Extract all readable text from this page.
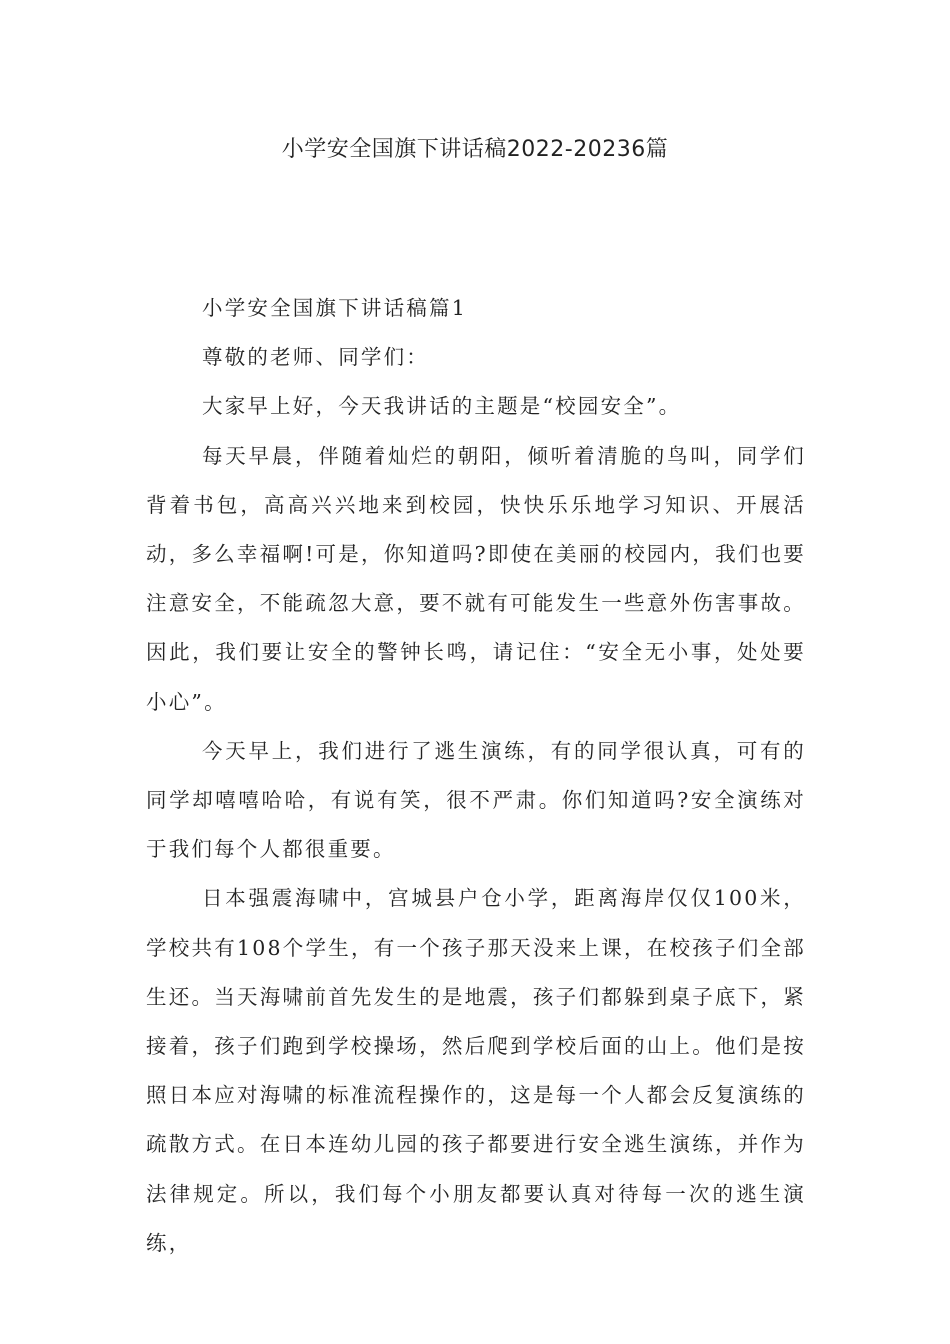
小学安全国旗下讲话稿2022-20236篇

小学安全国旗下讲话稿篇1

尊敬的老师、同学们：

大家早上好，今天我讲话的主题是“校园安全”。

每天早晨，伴随着灿烂的朝阳，倾听着清脆的鸟叫，同学们背着书包，高高兴兴地来到校园，快快乐乐地学习知识、开展活动，多么幸福啊!可是，你知道吗?即使在美丽的校园内，我们也要注意安全，不能疏忽大意，要不就有可能发生一些意外伤害事故。因此，我们要让安全的警钟长鸣，请记住：“安全无小事，处处要小心”。

今天早上，我们进行了逃生演练，有的同学很认真，可有的同学却嘻嘻哈哈，有说有笑，很不严肃。你们知道吗?安全演练对于我们每个人都很重要。

日本强震海啸中，宫城县户仓小学，距离海岸仅仅100米，学校共有108个学生，有一个孩子那天没来上课，在校孩子们全部生还。当天海啸前首先发生的是地震，孩子们都躲到桌子底下，紧接着，孩子们跑到学校操场，然后爬到学校后面的山上。他们是按照日本应对海啸的标准流程操作的，这是每一个人都会反复演练的疏散方式。在日本连幼儿园的孩子都要进行安全逃生演练，并作为法律规定。所以，我们每个小朋友都要认真对待每一次的逃生演练，
